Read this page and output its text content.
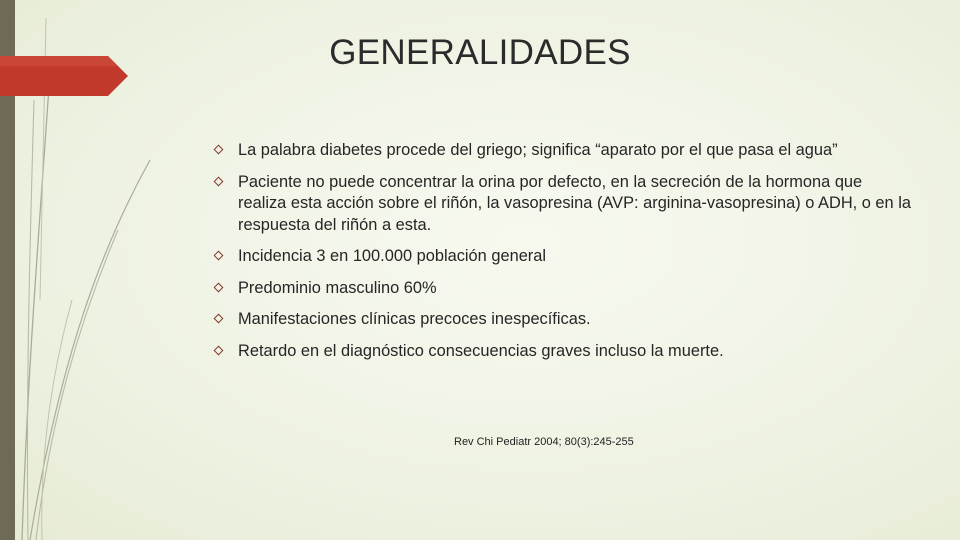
GENERALIDADES
La palabra diabetes procede del griego; significa “aparato por el que pasa el agua”
Paciente no puede concentrar la orina por defecto, en la secreción de la hormona que realiza esta acción sobre el riñón, la vasopresina (AVP: arginina-vasopresina) o ADH, o en la respuesta del riñón a esta.
Incidencia 3 en 100.000 población general
Predominio masculino 60%
Manifestaciones clínicas precoces inespecíficas.
Retardo en el diagnóstico consecuencias graves incluso la muerte.
Rev Chi Pediatr 2004; 80(3):245-255
